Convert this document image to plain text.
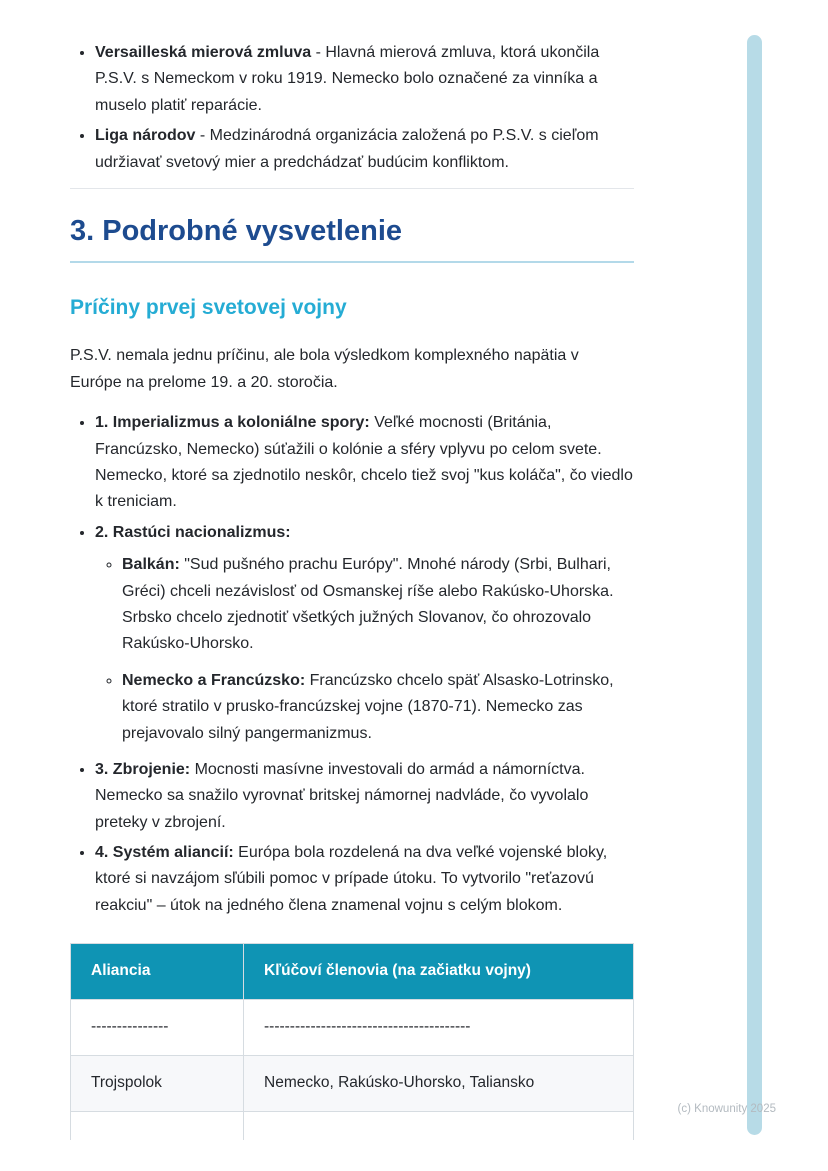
• Versailleská mierová zmluva - Hlavná mierová zmluva, ktorá ukončila P.S.V. s Nemeckom v roku 1919. Nemecko bolo označené za vinníka a muselo platiť reparácie.
• Liga národov - Medzinárodná organizácia založená po P.S.V. s cieľom udržiavať svetový mier a predchádzať budúcim konfliktom.
3. Podrobné vysvetlenie
Príčiny prvej svetovej vojny

P.S.V. nemala jednu príčinu, ale bola výsledkom komplexného napätia v Európe na prelome 19. a 20. storočia.

• 1. Imperializmus a koloniálne spory: Veľké mocnosti (Británia, Francúzsko, Nemecko) súťažili o kolónie a sféry vplyvu po celom svete. Nemecko, ktoré sa zjednotilo neskôr, chcelo tiež svoj "kus koláča", čo viedlo k treniciam.
• 2. Rastúci nacionalizmus:
◦ Balkán: "Sud pušného prachu Európy". Mnohé národy (Srbi, Bulhari, Gréci) chceli nezávislosť od Osmanskej ríše alebo Rakúsko-Uhorska. Srbsko chcelo zjednotiť všetkých južných Slovanov, čo ohrozovalo Rakúsko-Uhorsko.
◦ Nemecko a Francúzsko: Francúzsko chcelo späť Alsasko-Lotrinsko, ktoré stratilo v prusko-francúzskej vojne (1870-71). Nemecko zas prejavovalo silný pangermanizmus.
• 3. Zbrojenie: Mocnosti masívne investovali do armád a námorníctva. Nemecko sa snažilo vyrovnať britskej námornej nadvláde, čo vyvolalo preteky v zbrojení.
• 4. Systém aliancií: Európa bola rozdelená na dva veľké vojenské bloky, ktoré si navzájom sľúbili pomoc v prípade útoku. To vytvorilo "reťazovú reakciu" – útok na jedného člena znamenal vojnu s celým blokom.
Aliancia	Kľúčoví členovia (na začiatku vojny)
---------------	----------------------------------------
Trojspolok	Nemecko, Rakúsko-Uhorsko, Taliansko

(c) Knowunity 2025
